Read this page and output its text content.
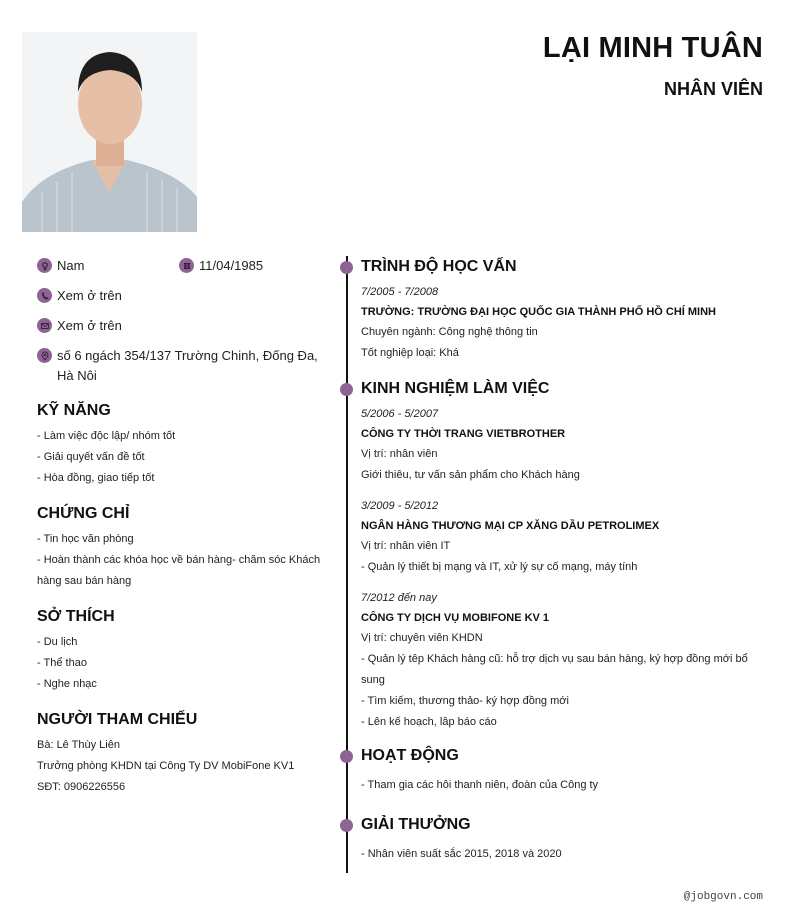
LẠI MINH TUÂN
NHÂN VIÊN
Nam	11/04/1985
Xem ở trên
Xem ở trên
số 6 ngách 354/137 Trường Chinh, Đống Đa, Hà Nôi
KỸ NĂNG
- Làm việc độc lập/ nhóm tốt
- Giải quyết vấn đề tốt
- Hòa đồng, giao tiếp tốt
CHỨNG CHỈ
- Tin học văn phòng
- Hoàn thành các khóa học về bán hàng- chăm sóc Khách hàng sau bán hàng
SỞ THÍCH
- Du lịch
- Thể thao
- Nghe nhạc
NGƯỜI THAM CHIẾU
Bà: Lê Thùy Liên
Trưởng phòng KHDN tại Công Ty DV MobiFone KV1
SĐT: 0906226556
TRÌNH ĐỘ HỌC VẤN
7/2005 - 7/2008
TRƯỜNG: TRƯỜNG ĐẠI HỌC QUỐC GIA THÀNH PHỐ HỒ CHÍ MINH
Chuyên ngành: Công nghệ thông tin
Tốt nghiệp loại: Khá
KINH NGHIỆM LÀM VIỆC
5/2006 - 5/2007
CÔNG TY THỜI TRANG VIETBROTHER
Vị trí: nhân viên
Giới thiêu, tư vấn sản phẩm cho Khách hàng
3/2009 - 5/2012
NGÂN HÀNG THƯƠNG MẠI CP XĂNG DẦU PETROLIMEX
Vị trí: nhân viên IT
- Quản lý thiết bị mạng và IT, xử lý sự cố mạng, máy tính
7/2012 đến nay
CÔNG TY DỊCH VỤ MOBIFONE KV 1
Vị trí: chuyên viên KHDN
- Quản lý têp Khách hàng cũ: hỗ trợ dịch vụ sau bán hàng, ký hợp đồng mới bổ sung
- Tìm kiếm, thương thảo- ký hợp đồng mới
- Lên kế hoạch, lâp báo cáo
HOẠT ĐỘNG
- Tham gia các hôi thanh niên, đoàn của Công ty
GIẢI THƯỞNG
- Nhân viên suất sắc 2015, 2018 và 2020
@jobgovn.com
